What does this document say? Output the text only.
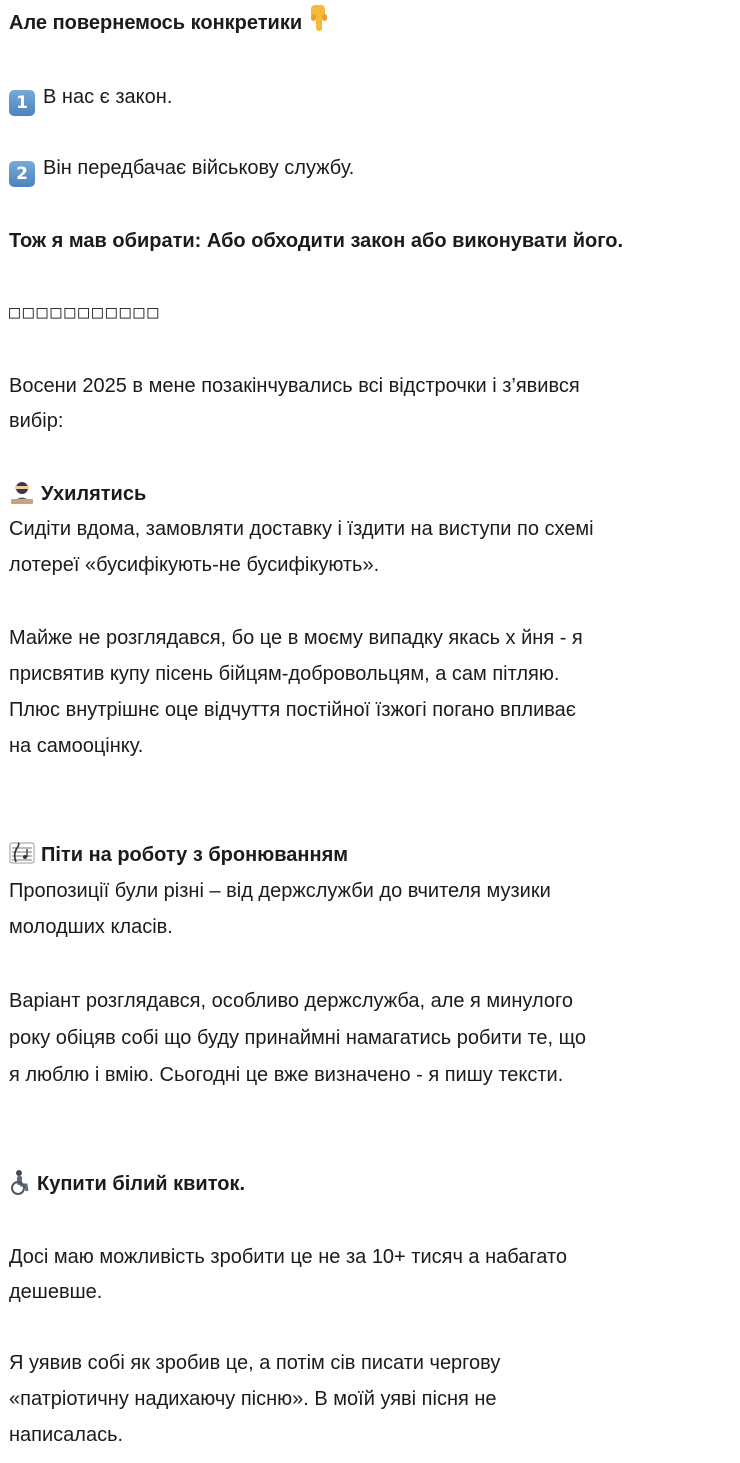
Але повернемось конкретики
1 В нас є закон.
2 Він передбачає військову службу.
Тож я мав обирати: Або обходити закон або виконувати його.
□□□□□□□□□□□
Восени 2025 в мене позакінчувались всі відстрочки і з’явився
вибір:
Ухилятись
Сидіти вдома, замовляти доставку і їздити на виступи по схемі
лотереї «бусифікують-не бусифікують».
Майже не розглядався, бо це в моєму випадку якась х йня - я
присвятив купу пісень бійцям-добровольцям, а сам пітляю.
Плюс внутрішнє оце відчуття постійної їзжогі погано впливає
на самооцінку.
Піти на роботу з бронюванням
Пропозиції були різні – від держслужби до вчителя музики
молодших класів.
Варіант розглядався, особливо держслужба, але я минулого
року обіцяв собі що буду принаймні намагатись робити те, що
я люблю і вмію. Сьогодні це вже визначено - я пишу тексти.
Купити білий квиток.
Досі маю можливість зробити це не за 10+ тисяч а набагато
дешевше.
Я уявив собі як зробив це, а потім сів писати чергову
«патріотичну надихаючу пісню». В моїй уяві пісня не
написалась.
